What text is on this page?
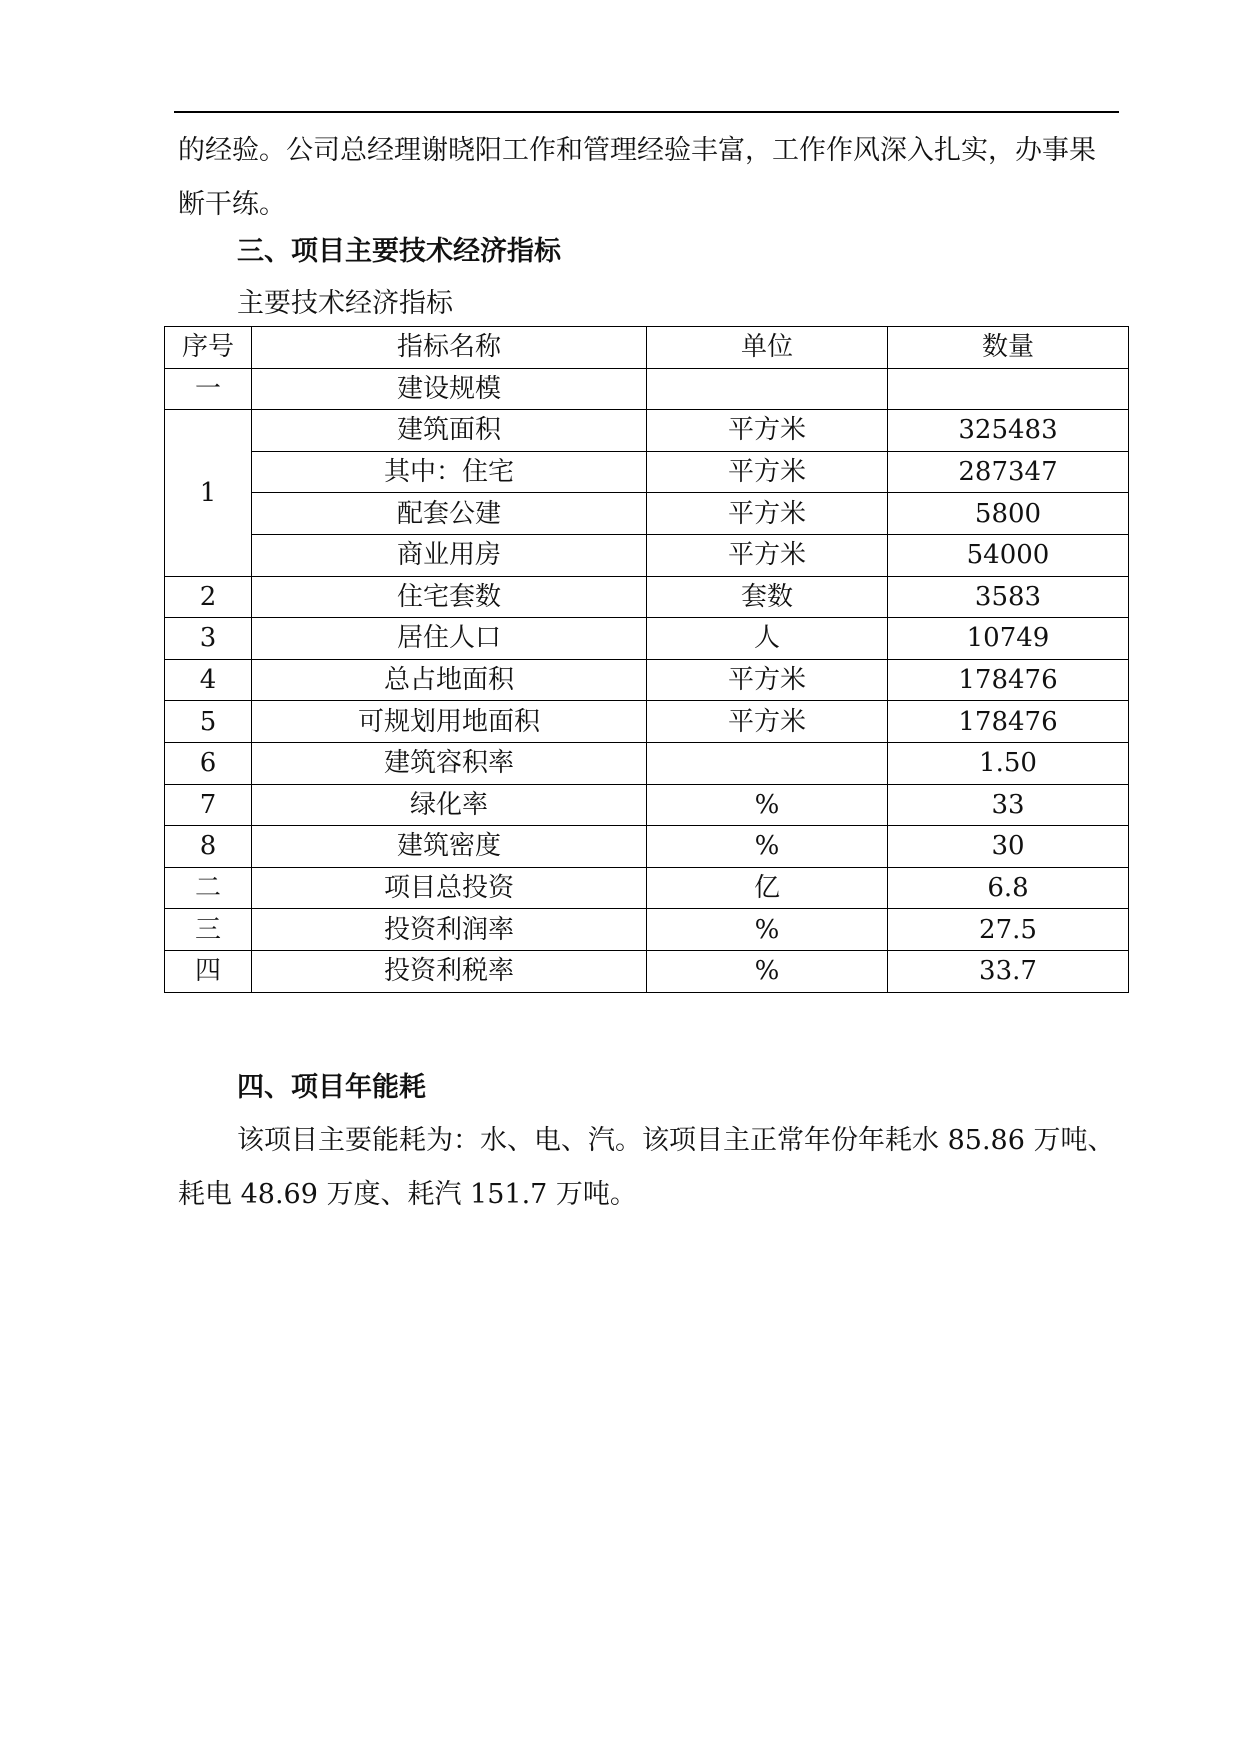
的经验。公司总经理谢晓阳工作和管理经验丰富，工作作风深入扎实，办事果断干练。

三、项目主要技术经济指标

主要技术经济指标

序号	指标名称	单位	数量
一	建设规模		
1	建筑面积	平方米	325483
	其中：住宅	平方米	287347
	配套公建	平方米	5800
	商业用房	平方米	54000
2	住宅套数	套数	3583
3	居住人口	人	10749
4	总占地面积	平方米	178476
5	可规划用地面积	平方米	178476
6	建筑容积率		1.50
7	绿化率	%	33
8	建筑密度	%	30
二	项目总投资	亿	6.8
三	投资利润率	%	27.5
四	投资利税率	%	33.7
四、项目年能耗

该项目主要能耗为：水、电、汽。该项目主正常年份年耗水 85.86 万吨、耗电 48.69 万度、耗汽 151.7 万吨。
